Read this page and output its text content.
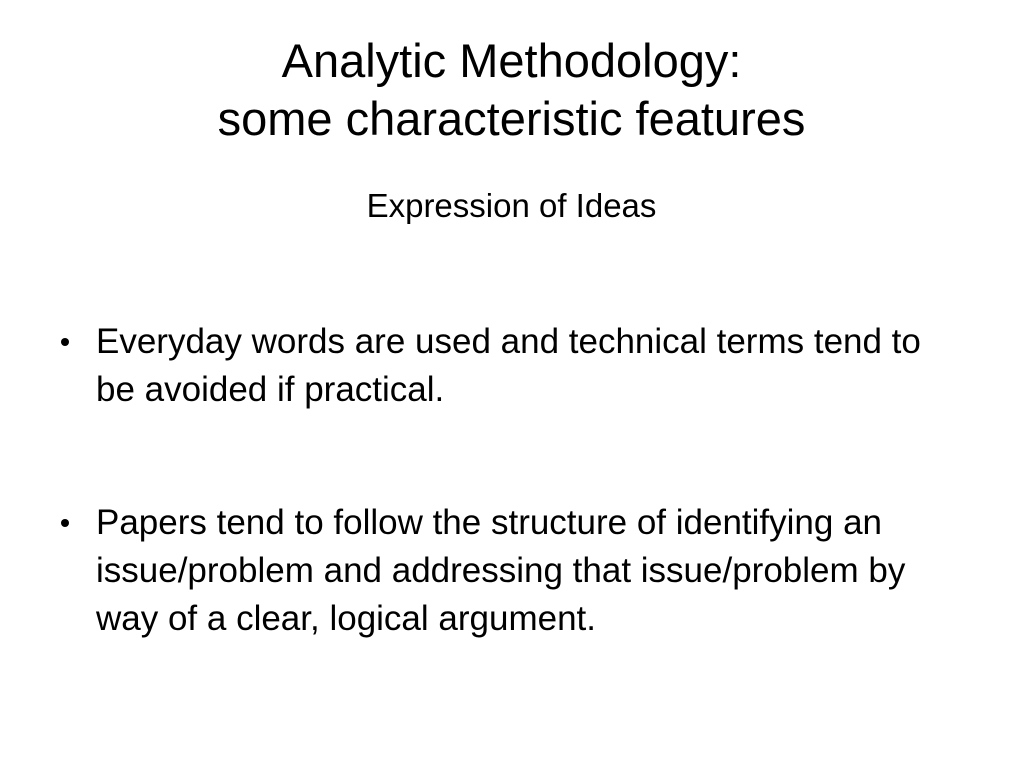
Analytic Methodology:
some characteristic features

Expression of Ideas

Everyday words are used and technical terms tend to be avoided if practical.
Papers tend to follow the structure of identifying an issue/problem and addressing that issue/problem by way of a clear, logical argument.
